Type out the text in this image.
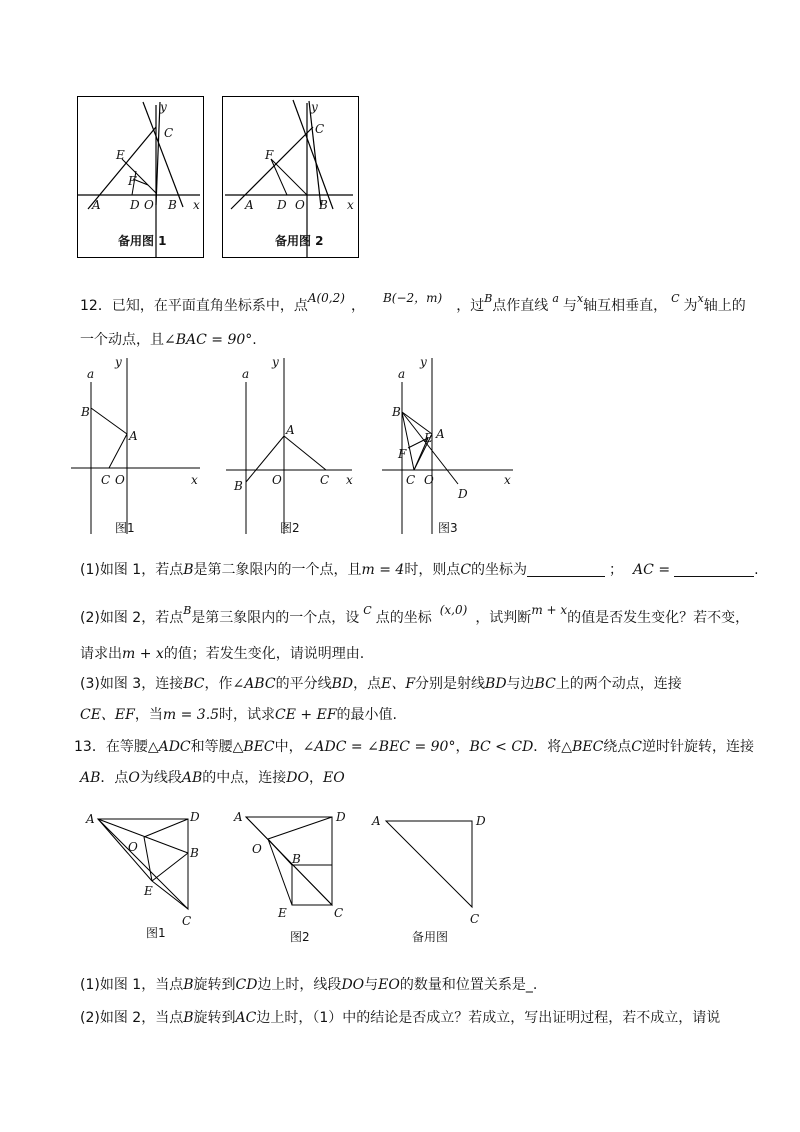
y
C
E
F
A D O B x
备用图 1
y
C
F
A D O B x
备用图 2
12．已知，在平面直角坐标系中，点A(0,2) ， B(−2，m) ，过$^B$点作直线 $^a$ 与$^x$轴互相垂直， $^C$ 为$^x$轴上的
一个动点，且∠BAC = 90°.
y
a
B
A
C O	x
图1
y
a
A
B O	C x
图2
y
a
B
E A
F
C O
D
x
图3
(1)如图 1，若点B是第二象限内的一个点，且m = 4时，则点C的坐标为	； AC =	.
(2)如图 2，若点$^B$是第三象限内的一个点，设 $^C$ 点的坐标 (x,0) ，试判断m + x的值是否发生变化？若不变，
请求出m + x的值；若发生变化，请说明理由.
(3)如图 3，连接BC，作∠ABC的平分线BD，点E、F分别是射线BD与边BC上的两个动点，连接
CE、EF，当m = 3.5时，试求CE + EF的最小值.
13．在等腰△ADC和等腰△BEC中，∠ADC = ∠BEC = 90°，BC < CD．将△BEC绕点C逆时针旋转，连接
AB．点O为线段AB的中点，连接DO，EO
A	D
O	B
E
C
图1
A	D
O
B
E	C
图2
A	D
C
备用图
(1)如图 1，当点B旋转到CD边上时，线段DO与EO的数量和位置关系是_.
(2)如图 2，当点B旋转到AC边上时，（1）中的结论是否成立？若成立，写出证明过程，若不成立，请说
